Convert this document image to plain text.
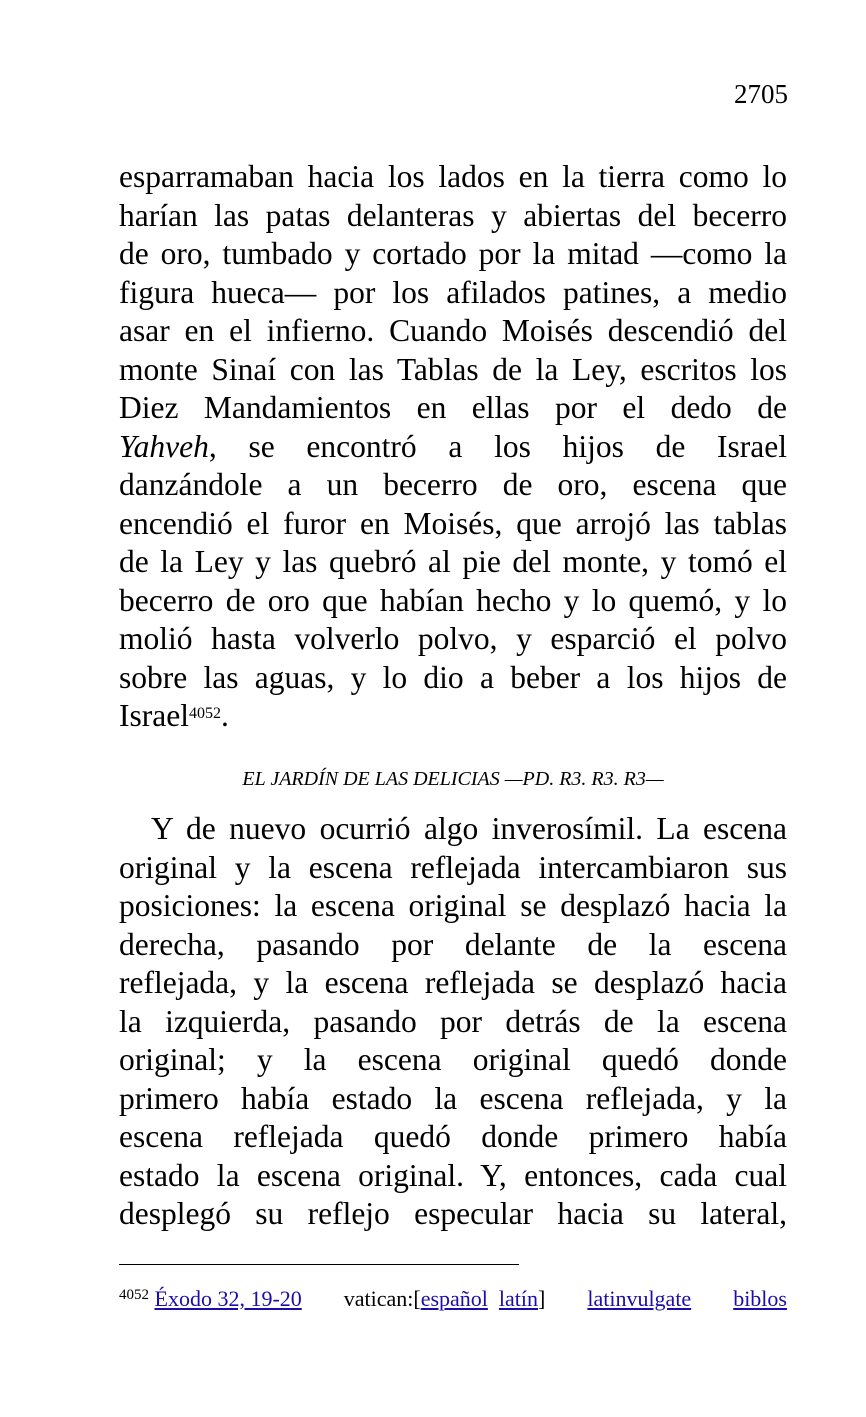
2705
esparramaban hacia los lados en la tierra como lo
harían las patas delanteras y abiertas del becerro
de oro, tumbado y cortado por la mitad —como la
figura hueca— por los afilados patines, a medio
asar en el infierno. Cuando Moisés descendió del
monte Sinaí con las Tablas de la Ley, escritos los
Diez Mandamientos en ellas por el dedo de
Yahveh, se encontró a los hijos de Israel
danzándole a un becerro de oro, escena que
encendió el furor en Moisés, que arrojó las tablas
de la Ley y las quebró al pie del monte, y tomó el
becerro de oro que habían hecho y lo quemó, y lo
molió hasta volverlo polvo, y esparció el polvo
sobre las aguas, y lo dio a beber a los hijos de
Israel$^{4052}$.
EL JARDÍN DE LAS DELICIAS —PD. R3. R3. R3—
Y de nuevo ocurrió algo inverosímil. La escena
original y la escena reflejada intercambiaron sus
posiciones: la escena original se desplazó hacia la
derecha, pasando por delante de la escena
reflejada, y la escena reflejada se desplazó hacia
la izquierda, pasando por detrás de la escena
original; y la escena original quedó donde
primero había estado la escena reflejada, y la
escena reflejada quedó donde primero había
estado la escena original. Y, entonces, cada cual
desplegó su reflejo especular hacia su lateral,
$^{4052}$ Éxodo 32, 19-20 vatican:[español latín] latinvulgate biblos
